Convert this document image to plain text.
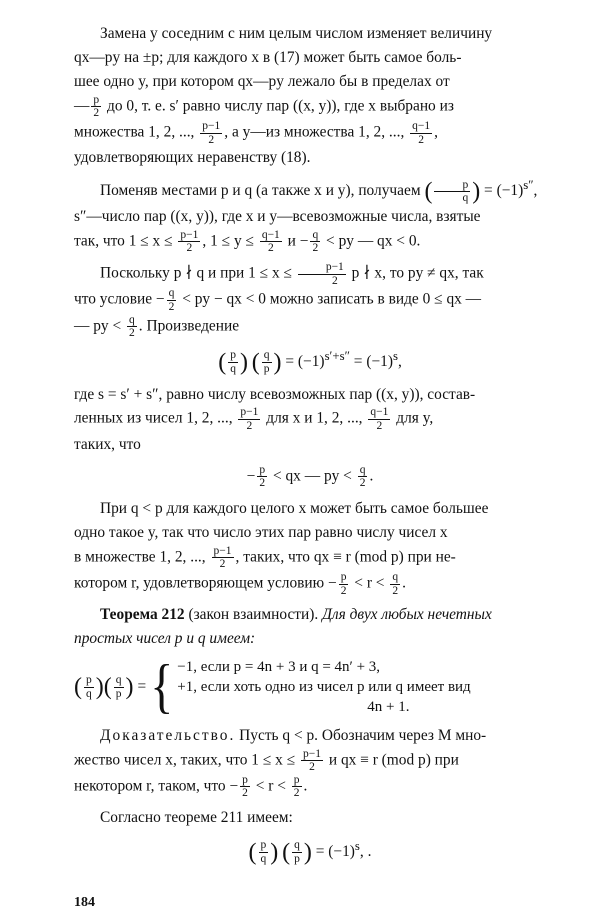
Замена y соседним с ним целым числом изменяет величину

qx—py на ±p; для каждого x в (17) может быть самое боль-

шее одно y, при котором qx—py лежало бы в пределах от

— $\frac{p}{2}$ до 0, т. е. s′ равно числу пар ((x, y)), где x выбрано из

множества 1, 2, ..., $\frac{p-1}{2}$ , а y—из множества 1, 2, ..., $\frac{q-1}{2}$ ,

удовлетворяющих неравенству (18).

Поменяв местами p и q (а также x и y), получаем ( $\frac{p}{q}$ ) = $(-1)^{s''}$,

s″—число пар ((x, y)), где x и y—всевозможные числа, взятые

так, что $1 \le x \le \frac{p-1}{2}$ , $1 \le y \le \frac{q-1}{2}$ $и - \frac{q}{2}$ < py — qx < 0.

Поскольку p ∤ q и при $1 \le x \le \frac{p-1}{2}$ p ∤ x, то py ≠ qx, так

что условие − $\frac{q}{2}$ < py − qx < 0 можно записать в виде 0 ≤ qx —

— py < $\frac{q}{2}$ . Произведение

( $\frac{p}{q}$ ) ( $\frac{q}{p}$ ) = $(-1)^{s'+s''} = (-1)^s$,

где s = s′ + s″, равно числу всевозможных пар ((x, y)), состав-

ленных из чисел 1, 2, ..., $\frac{p-1}{2}$ для x и 1, 2, ..., $\frac{q-1}{2}$ для y,

таких, что

− $\frac{p}{2}$ < qx — py < $\frac{q}{2}$ .

При q < p для каждого целого x может быть самое большее

одно такое y, так что число этих пар равно числу чисел x

в множестве 1, 2, ..., $\frac{p-1}{2}$ , таких, что qx ≡ r (mod p) при не-

котором r, удовлетворяющем условию − $\frac{p}{2} < r < \frac{q}{2}$ .

Теорема 212 (закон взаимности). Для двух любых нечетных

простых чисел p и q имеем:

( $\frac{p}{q}$ ) ( $\frac{q}{p}$ ) = { −1, если p = 4n + 3 и q = 4n′ + 3,
+1, если хоть одно из чисел p или q имеет вид
4n + 1.

Доказательство. Пусть q < p. Обозначим через M мно-

жество чисел x, таких, что $1 \le x \le \frac{p-1}{2}$ и qx ≡ r (mod p) при

некотором r, таком, что − $\frac{p}{2} < r < \frac{p}{2}$ .

Согласно теореме 211 имеем:

( $\frac{p}{q}$ ) ( $\frac{q}{p}$ ) = $(-1)^s$, .
184
